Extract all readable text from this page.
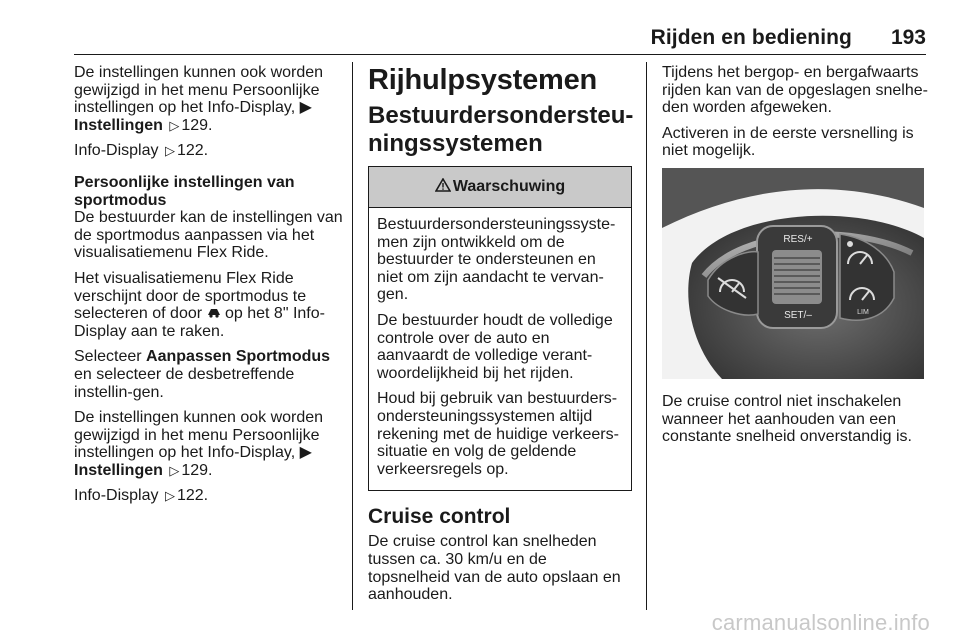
Rijden en bediening 193

De instellingen kunnen ook worden gewijzigd in het menu Persoonlijke instellingen op het Info-Display, ▶
Instellingen ▷ 129.

Info-Display ▷ 122.

Persoonlijke instellingen van sportmodus

De bestuurder kan de instellingen van de sportmodus aanpassen via het visualisatiemenu Flex Ride.

Het visualisatiemenu Flex Ride verschijnt door de sportmodus te selecteren of door op het 8" Info-Display aan te raken.

Selecteer Aanpassen Sportmodus en selecteer de desbetreffende instellin-gen.

De instellingen kunnen ook worden gewijzigd in het menu Persoonlijke instellingen op het Info-Display, ▶
Instellingen ▷ 129.

Info-Display ▷ 122.

Rijhulpsystemen
Bestuurdersondersteu-ningssystemen
Waarschuwing

Bestuurdersondersteuningssyste-men zijn ontwikkeld om de bestuurder te ondersteunen en niet om zijn aandacht te vervan-gen.

De bestuurder houdt de volledige controle over de auto en aanvaardt de volledige verant-woordelijkheid bij het rijden.

Houd bij gebruik van bestuurders-ondersteuningssystemen altijd rekening met de huidige verkeers-situatie en volg de geldende verkeersregels op.

Cruise control

De cruise control kan snelheden tussen ca. 30 km/u en de topsnelheid van de auto opslaan en aanhouden.

Tijdens het bergop- en bergafwaarts rijden kan van de opgeslagen snelhe-den worden afgeweken.

Activeren in de eerste versnelling is niet mogelijk.

RES/+
SET/–	LIM

De cruise control niet inschakelen wanneer het aanhouden van een constante snelheid onverstandig is.

carmanualsonline.info
